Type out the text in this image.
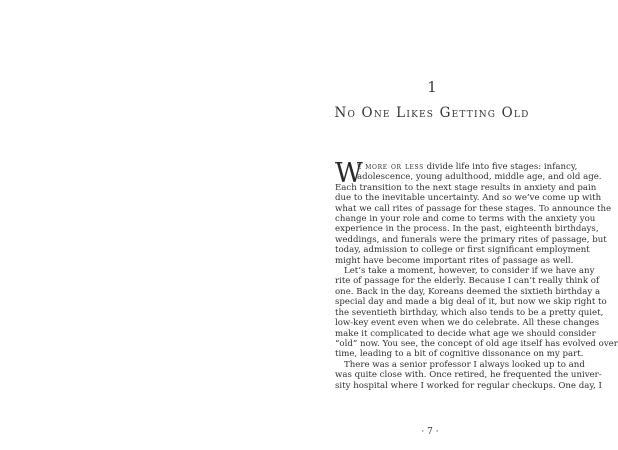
1
No One Likes Getting Old
W
e more or less divide life into five stages: infancy,
adolescence, young adulthood, middle age, and old age.
Each transition to the next stage results in anxiety and pain
due to the inevitable uncertainty. And so we’ve come up with
what we call rites of passage for these stages. To announce the
change in your role and come to terms with the anxiety you
experience in the process. In the past, eighteenth birthdays,
weddings, and funerals were the primary rites of passage, but
today, admission to college or first significant employment
might have become important rites of passage as well.
Let’s take a moment, however, to consider if we have any
rite of passage for the elderly. Because I can’t really think of
one. Back in the day, Koreans deemed the sixtieth birthday a
special day and made a big deal of it, but now we skip right to
the seventieth birthday, which also tends to be a pretty quiet,
low-key event even when we do celebrate. All these changes
make it complicated to decide what age we should consider
“old” now. You see, the concept of old age itself has evolved over
time, leading to a bit of cognitive dissonance on my part.
There was a senior professor I always looked up to and
was quite close with. Once retired, he frequented the univer-
sity hospital where I worked for regular checkups. One day, I
· 7 ·
